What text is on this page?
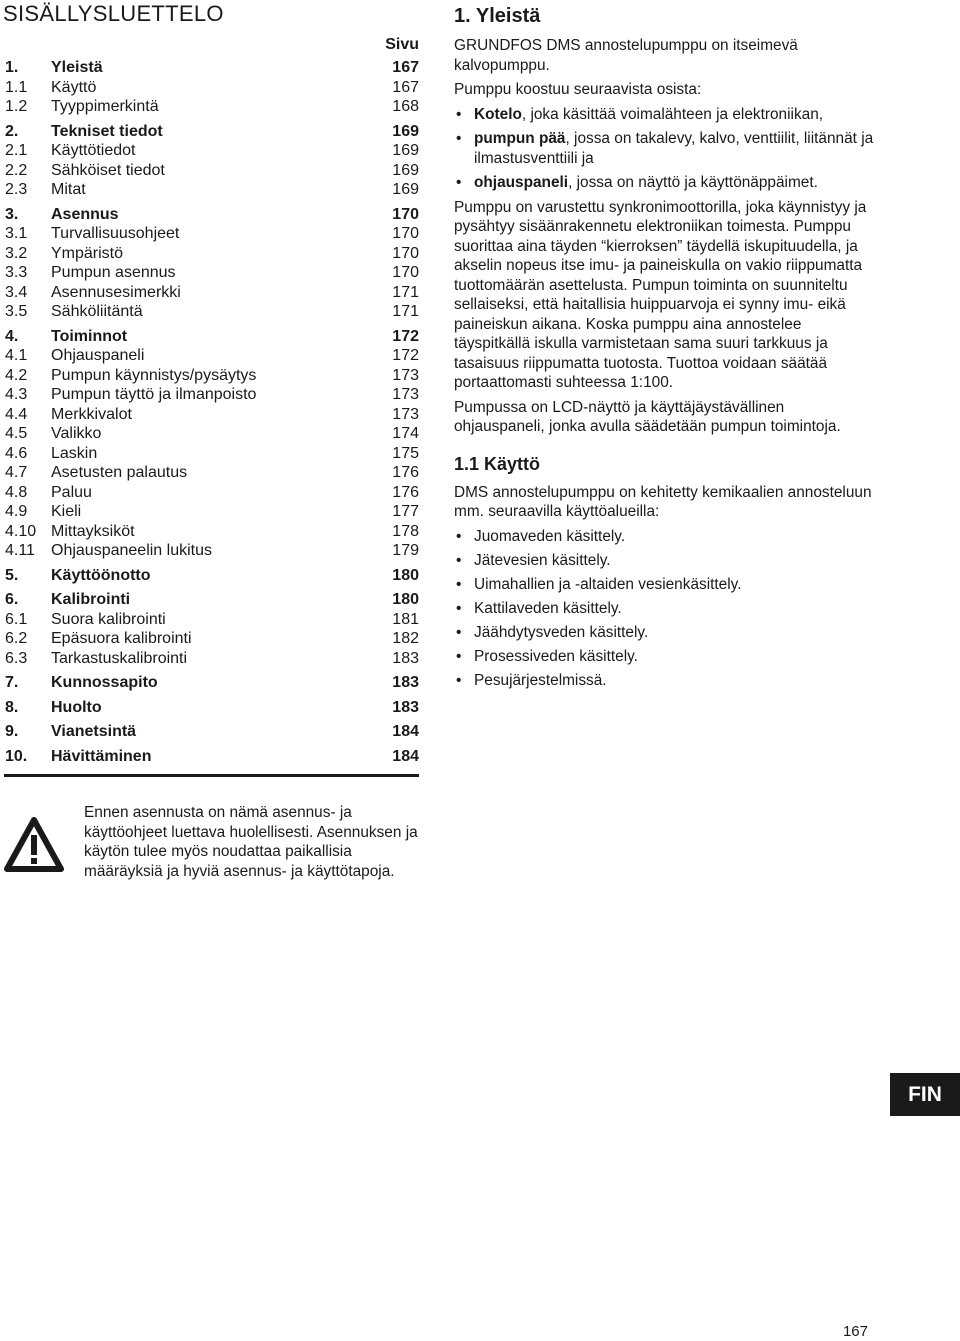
SISÄLLYSLUETTELO
Sivu
1. Yleistä	167
1.1 Käyttö	167
1.2 Tyyppimerkintä	168
2. Tekniset tiedot	169
2.1 Käyttötiedot	169
2.2 Sähköiset tiedot	169
2.3 Mitat	169
3. Asennus	170
3.1 Turvallisuusohjeet	170
3.2 Ympäristö	170
3.3 Pumpun asennus	170
3.4 Asennusesimerkki	171
3.5 Sähköliitäntä	171
4. Toiminnot	172
4.1 Ohjauspaneli	172
4.2 Pumpun käynnistys/pysäytys	173
4.3 Pumpun täyttö ja ilmanpoisto	173
4.4 Merkkivalot	173
4.5 Valikko	174
4.6 Laskin	175
4.7 Asetusten palautus	176
4.8 Paluu	176
4.9 Kieli	177
4.10 Mittayksiköt	178
4.11 Ohjauspaneelin lukitus	179
5. Käyttöönotto	180
6. Kalibrointi	180
6.1 Suora kalibrointi	181
6.2 Epäsuora kalibrointi	182
6.3 Tarkastuskalibrointi	183
7. Kunnossapito	183
8. Huolto	183
9. Vianetsintä	184
10. Hävittäminen	184
1. Yleistä

GRUNDFOS DMS annostelupumppu on itseimevä kalvopumppu.

Pumppu koostuu seuraavista osista:

• Kotelo, joka käsittää voimalähteen ja elektroniikan,
• pumpun pää, jossa on takalevy, kalvo, venttiilit, liitännät ja ilmastusventtiili ja
• ohjauspaneli, jossa on näyttö ja käyttönäppäimet.

Pumppu on varustettu synkronimoottorilla, joka käynnistyy ja pysähtyy sisäänrakennetu elektroniikan toimesta. Pumppu suorittaa aina täyden “kierroksen” täydellä iskupituudella, ja akselin nopeus itse imu- ja paineiskulla on vakio riippumatta tuottomäärän asettelusta. Pumpun toiminta on suunniteltu sellaiseksi, että haitallisia huippuarvoja ei synny imu- eikä paineiskun aikana. Koska pumppu aina annostelee täyspitkällä iskulla varmistetaan sama suuri tarkkuus ja tasaisuus riippumatta tuotosta. Tuottoa voidaan säätää portaattomasti suhteessa 1:100.

Pumpussa on LCD-näyttö ja käyttäjäystävällinen ohjauspaneli, jonka avulla säädetään pumpun toimintoja.

1.1 Käyttö

DMS annostelupumppu on kehitetty kemikaalien annosteluun mm. seuraavilla käyttöalueilla:

• Juomaveden käsittely.
• Jätevesien käsittely.
• Uimahallien ja -altaiden vesienkäsittely.
• Kattilaveden käsittely.
• Jäähdytysveden käsittely.
• Prosessiveden käsittely.
• Pesujärjestelmissä.
Ennen asennusta on nämä asennus- ja käyttöohjeet luettava huolellisesti. Asennuksen ja käytön tulee myös noudattaa paikallisia määräyksiä ja hyviä asennus- ja käyttötapoja.
FIN
167
